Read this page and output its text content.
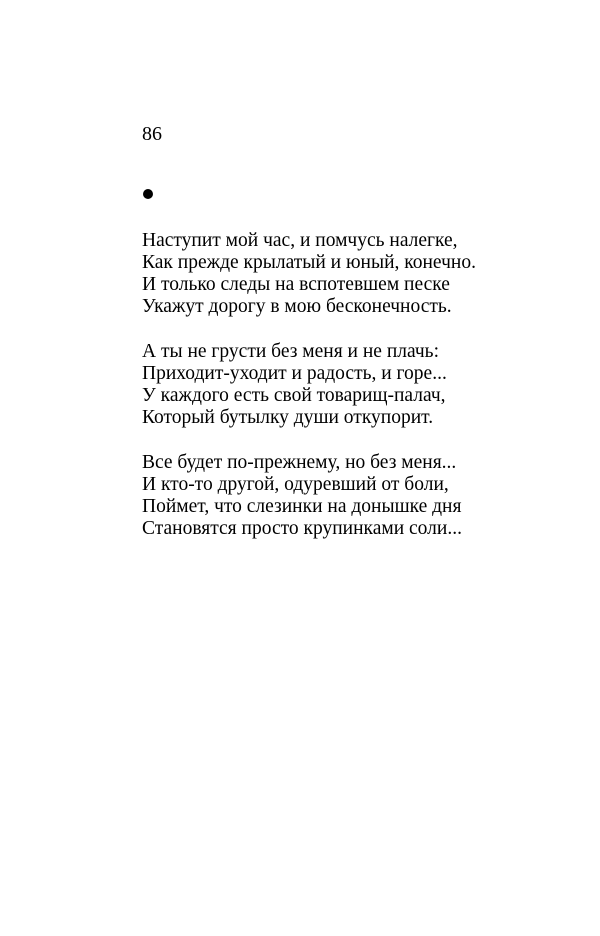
86
Наступит мой час, и помчусь налегке,
Как прежде крылатый и юный, конечно.
И только следы на вспотевшем песке
Укажут дорогу в мою бесконечность.
А ты не грусти без меня и не плачь:
Приходит-уходит и радость, и горе...
У каждого есть свой товарищ-палач,
Который бутылку души откупорит.
Все будет по-прежнему, но без меня...
И кто-то другой, одуревший от боли,
Поймет, что слезинки на донышке дня
Становятся просто крупинками соли...
